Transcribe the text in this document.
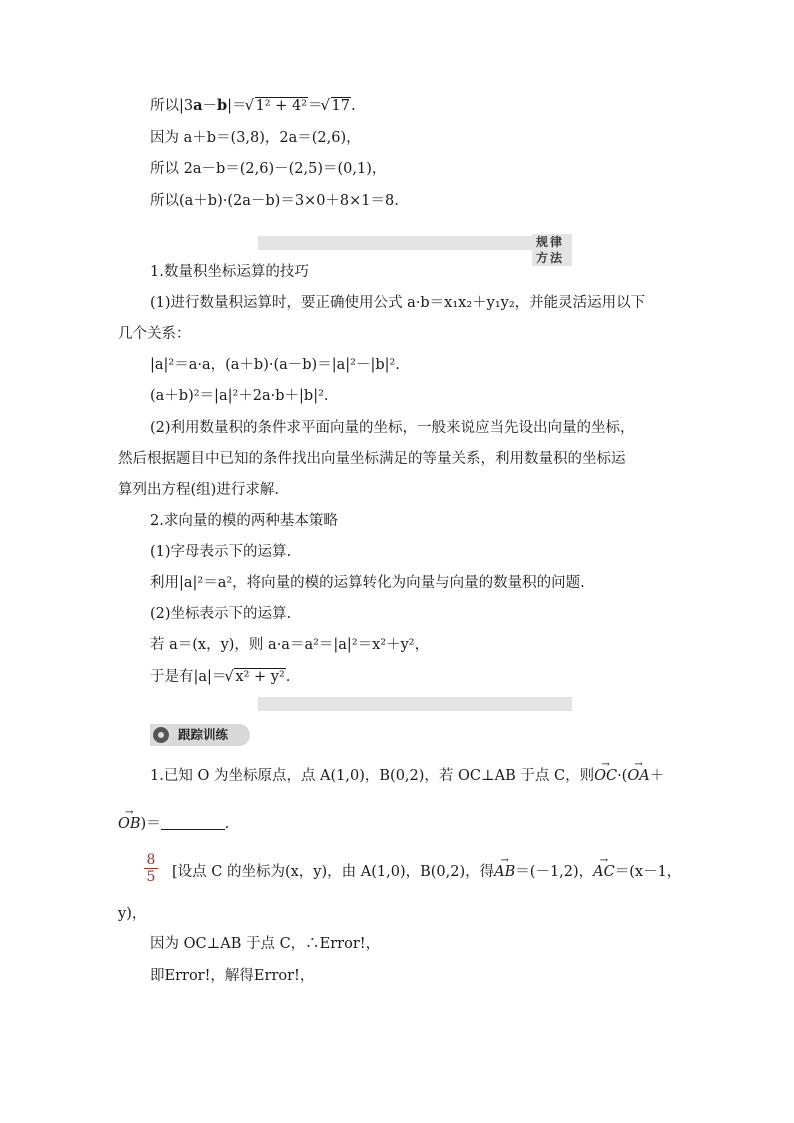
所以|3a－b|＝ √ 1² + 4²＝ √ 17.
因为 a＋b＝(3,8)，2a＝(2,6)，
所以 2a－b＝(2,6)－(2,5)＝(0,1)，
所以(a＋b)·(2a－b)＝3×0＋8×1＝8.
规律方法
1.数量积坐标运算的技巧
(1)进行数量积运算时，要正确使用公式 a·b＝x₁x₂＋y₁y₂，并能灵活运用以下
几个关系：
|a|²＝a·a，(a＋b)·(a－b)＝|a|²－|b|².
(a＋b)²＝|a|²＋2a·b＋|b|².
(2)利用数量积的条件求平面向量的坐标，一般来说应当先设出向量的坐标，
然后根据题目中已知的条件找出向量坐标满足的等量关系，利用数量积的坐标运
算列出方程(组)进行求解.
2.求向量的模的两种基本策略
(1)字母表示下的运算.
利用|a|²＝a²，将向量的模的运算转化为向量与向量的数量积的问题.
(2)坐标表示下的运算.
若 a＝(x，y)，则 a·a＝a²＝|a|²＝x²＋y²，
于是有|a|＝ √ x² + y².
跟踪训练
1.已知 O 为坐标原点，点 A(1,0)，B(0,2)，若 OC⊥AB 于点 C，则→ OC·(→ OA＋
→ OB)＝	.
$\frac{8}{5}$ [设点 C 的坐标为(x，y)，由 A(1,0)，B(0,2)，得→ AB＝(－1,2)，→ AC＝(x－1，
y)，
因为 OC⊥AB 于点 C，∴Error!，
即Error!，解得Error!，
